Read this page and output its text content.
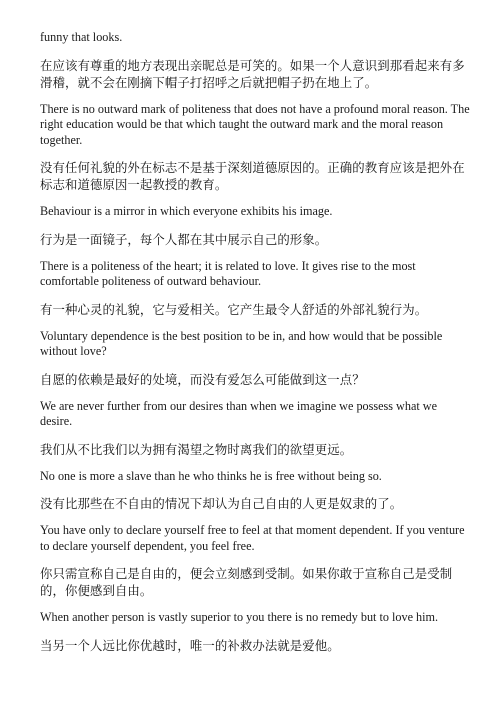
funny that looks.

在应该有尊重的地方表现出亲昵总是可笑的。如果一个人意识到那看起来有多滑稽，就不会在刚摘下帽子打招呼之后就把帽子扔在地上了。

There is no outward mark of politeness that does not have a profound moral reason. The right education would be that which taught the outward mark and the moral reason together.

没有任何礼貌的外在标志不是基于深刻道德原因的。正确的教育应该是把外在标志和道德原因一起教授的教育。

Behaviour is a mirror in which everyone exhibits his image.

行为是一面镜子，每个人都在其中展示自己的形象。

There is a politeness of the heart; it is related to love. It gives rise to the most comfortable politeness of outward behaviour.

有一种心灵的礼貌，它与爱相关。它产生最令人舒适的外部礼貌行为。

Voluntary dependence is the best position to be in, and how would that be possible without love?

自愿的依赖是最好的处境，而没有爱怎么可能做到这一点？

We are never further from our desires than when we imagine we possess what we desire.

我们从不比我们以为拥有渴望之物时离我们的欲望更远。

No one is more a slave than he who thinks he is free without being so.

没有比那些在不自由的情况下却认为自己自由的人更是奴隶的了。

You have only to declare yourself free to feel at that moment dependent. If you venture to declare yourself dependent, you feel free.

你只需宣称自己是自由的，便会立刻感到受制。如果你敢于宣称自己是受制的，你便感到自由。

When another person is vastly superior to you there is no remedy but to love him.

当另一个人远比你优越时，唯一的补救办法就是爱他。
